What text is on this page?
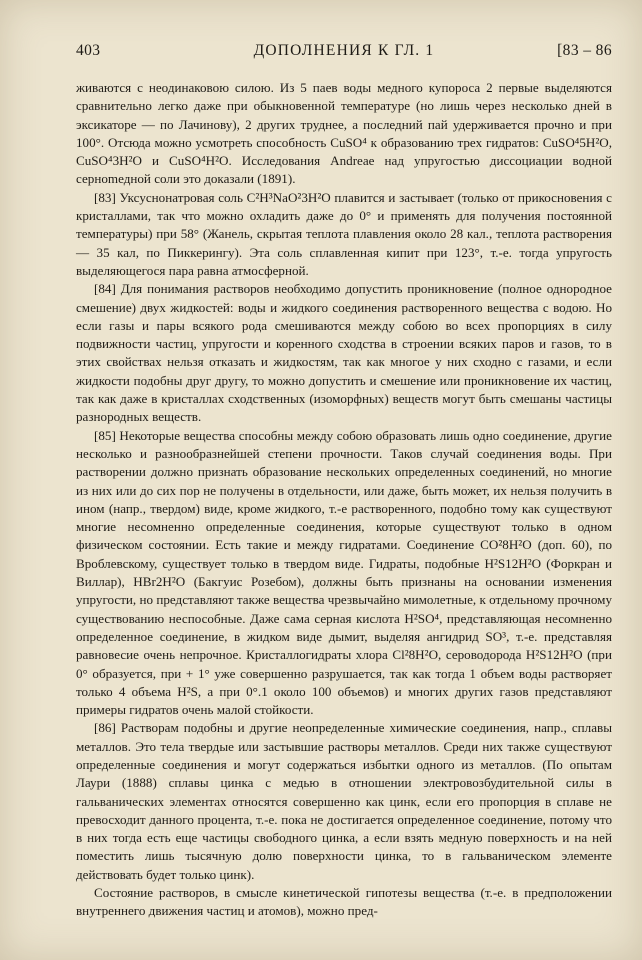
403	ДОПОЛНЕНИЯ К ГЛ. 1	[83 – 86

живаются с неодинаковою силою. Из 5 паев воды медного купороса 2 первые выделяются сравнительно легко даже при обыкновенной температуре (но лишь через несколько дней в эксикаторе — по Лачинову), 2 других труднее, а последний пай удерживается прочно и при 100°. Отсюда можно усмотреть способность CuSO⁴ к образованию трех гидратов: CuSO⁴5H²O, CuSO⁴3H²O и CuSO⁴H²O. Исследования Andreae над упругостью диссоциации водной сернomедной соли это доказали (1891).

[83] Уксуснонатровая соль C²H³NaO²3H²O плавится и застывает (только от прикосновения с кристаллами, так что можно охладить даже до 0° и применять для получения постоянной температуры) при 58° (Жанель, скрытая теплота плавления около 28 кал., теплота растворения — 35 кал, по Пиккерингу). Эта соль сплавленная кипит при 123°, т.-е. тогда упругость выделяющегося пара равна атмосферной.

[84] Для понимания растворов необходимо допустить проникновение (полное однородное смешение) двух жидкостей: воды и жидкого соединения растворенного вещества с водою. Но если газы и пары всякого рода смешиваются между собою во всех пропорциях в силу подвижности частиц, упругости и коренного сходства в строении всяких паров и газов, то в этих свойствах нельзя отказать и жидкостям, так как многое у них сходно с газами, и если жидкости подобны друг другу, то можно допустить и смешение или проникновение их частиц, так как даже в кристаллах сходственных (изоморфных) веществ могут быть смешаны частицы разнородных веществ.

[85] Некоторые вещества способны между собою образовать лишь одно соединение, другие несколько и разнообразнейшей степени прочности. Таков случай соединения воды. При растворении должно признать образование нескольких определенных соединений, но многие из них или до сих пор не получены в отдельности, или даже, быть может, их нельзя получить в ином (напр., твердом) виде, кроме жидкого, т.-е растворенного, подобно тому как существуют многие несомненно определенные соединения, которые существуют только в одном физическом состоянии. Есть такие и между гидратами. Соединение CO²8H²O (доп. 60), по Вроблевскому, существует только в твердом виде. Гидраты, подобные H²S12H²O (Форкран и Виллар), HBr2H²O (Бакгуис Розебом), должны быть признаны на основании изменения упругости, но представляют также вещества чрезвычайно мимолетные, к отдельному прочному существованию неспособные. Даже сама серная кислота H²SO⁴, представляющая несомненно определенное соединение, в жидком виде дымит, выделяя ангидрид SO³, т.-е. представляя равновесие очень непрочное. Кристаллогидраты хлора Cl²8H²O, сероводорода H²S12H²O (при 0° образуется, при + 1° уже совершенно разрушается, так как тогда 1 объем воды растворяет только 4 объема H²S, а при 0°.1 около 100 объемов) и многих других газов представляют примеры гидратов очень малой стойкости.

[86] Растворам подобны и другие неопределенные химические соединения, напр., сплавы металлов. Это тела твердые или застывшие растворы металлов. Среди них также существуют определенные соединения и могут содержаться избытки одного из металлов. (По опытам Лаури (1888) сплавы цинка с медью в отношении электровозбудительной силы в гальванических элементах относятся совершенно как цинк, если его пропорция в сплаве не превосходит данного процента, т.-е. пока не достигается определенное соединение, потому что в них тогда есть еще частицы свободного цинка, а если взять медную поверхность и на ней поместить лишь тысячную долю поверхности цинка, то в гальваническом элементе действовать будет только цинк).

Состояние растворов, в смысле кинетической гипотезы вещества (т.-е. в предположении внутреннего движения частиц и атомов), можно пред-
